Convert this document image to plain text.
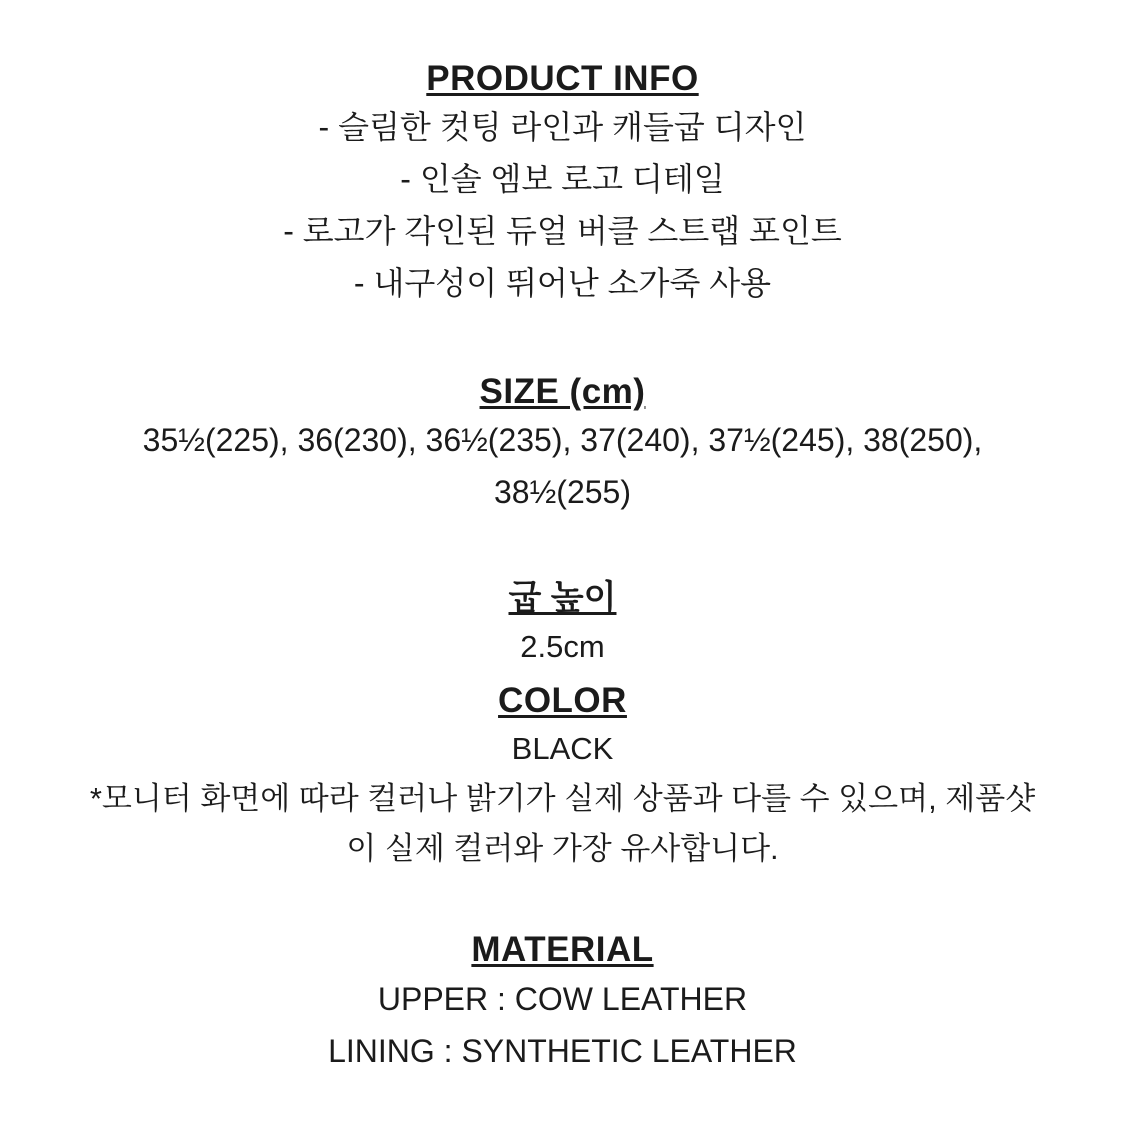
PRODUCT INFO

- 슬림한 컷팅 라인과 캐들굽 디자인

- 인솔 엠보 로고 디테일

- 로고가 각인된 듀얼 버클 스트랩 포인트

- 내구성이 뛰어난 소가죽 사용

SIZE (cm)

35½(225), 36(230), 36½(235), 37(240), 37½(245), 38(250),

38½(255)

굽 높이

2.5cm

COLOR

BLACK

*모니터 화면에 따라 컬러나 밝기가 실제 상품과 다를 수 있으며, 제품샷

이 실제 컬러와 가장 유사합니다.

MATERIAL

UPPER : COW LEATHER

LINING : SYNTHETIC LEATHER
